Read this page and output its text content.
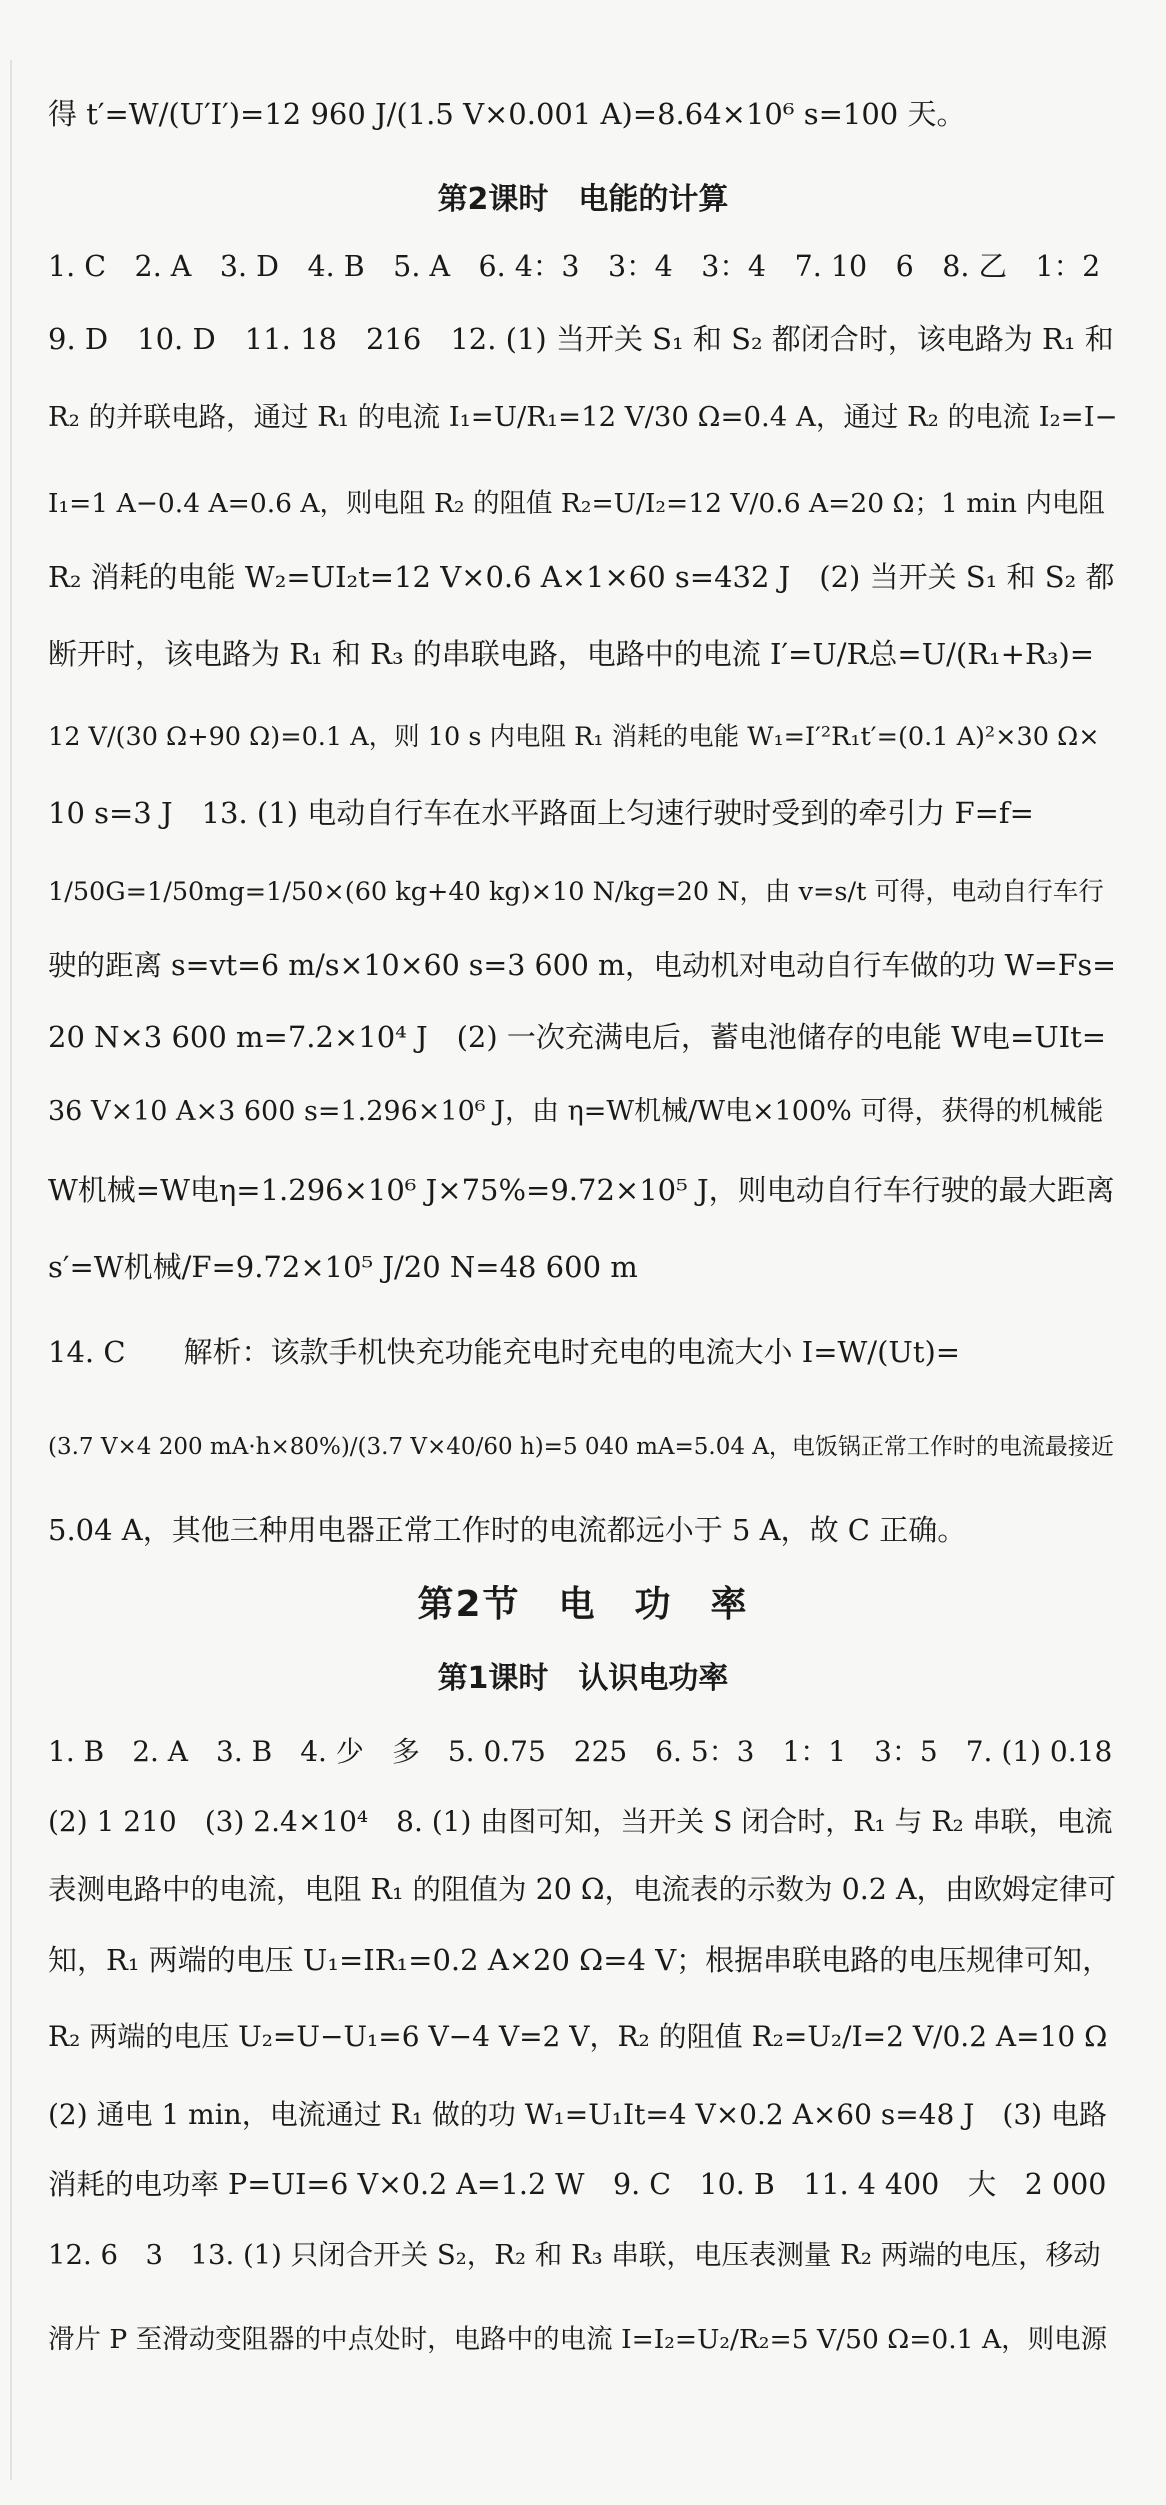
得 t′=W/(U′I′)=12 960 J/(1.5 V×0.001 A)=8.64×10⁶ s=100 天。
第2课时　电能的计算
1. C　2. A　3. D　4. B　5. A　6. 4：3　3：4　3：4　7. 10　6　8. 乙　1：2
9. D　10. D　11. 18　216　12. (1) 当开关 S₁ 和 S₂ 都闭合时，该电路为 R₁ 和
R₂ 的并联电路，通过 R₁ 的电流 I₁=U/R₁=12 V/30 Ω=0.4 A，通过 R₂ 的电流 I₂=I−
I₁=1 A−0.4 A=0.6 A，则电阻 R₂ 的阻值 R₂=U/I₂=12 V/0.6 A=20 Ω；1 min 内电阻
R₂ 消耗的电能 W₂=UI₂t=12 V×0.6 A×1×60 s=432 J　(2) 当开关 S₁ 和 S₂ 都
断开时，该电路为 R₁ 和 R₃ 的串联电路，电路中的电流 I′=U/R总=U/(R₁+R₃)=
12 V/(30 Ω+90 Ω)=0.1 A，则 10 s 内电阻 R₁ 消耗的电能 W₁=I′²R₁t′=(0.1 A)²×30 Ω×
10 s=3 J　13. (1) 电动自行车在水平路面上匀速行驶时受到的牵引力 F=f=
1/50G=1/50mg=1/50×(60 kg+40 kg)×10 N/kg=20 N，由 v=s/t 可得，电动自行车行
驶的距离 s=vt=6 m/s×10×60 s=3 600 m，电动机对电动自行车做的功 W=Fs=
20 N×3 600 m=7.2×10⁴ J　(2) 一次充满电后，蓄电池储存的电能 W电=UIt=
36 V×10 A×3 600 s=1.296×10⁶ J，由 η=W机械/W电×100% 可得，获得的机械能
W机械=W电η=1.296×10⁶ J×75%=9.72×10⁵ J，则电动自行车行驶的最大距离
s′=W机械/F=9.72×10⁵ J/20 N=48 600 m
14. C　　解析：该款手机快充功能充电时充电的电流大小 I=W/(Ut)=
(3.7 V×4 200 mA·h×80%)/(3.7 V×40/60 h)=5 040 mA=5.04 A，电饭锅正常工作时的电流最接近
5.04 A，其他三种用电器正常工作时的电流都远小于 5 A，故 C 正确。
第2节　电　功　率
第1课时　认识电功率
1. B　2. A　3. B　4. 少　多　5. 0.75　225　6. 5：3　1：1　3：5　7. (1) 0.18
(2) 1 210　(3) 2.4×10⁴　8. (1) 由图可知，当开关 S 闭合时，R₁ 与 R₂ 串联，电流
表测电路中的电流，电阻 R₁ 的阻值为 20 Ω，电流表的示数为 0.2 A，由欧姆定律可
知，R₁ 两端的电压 U₁=IR₁=0.2 A×20 Ω=4 V；根据串联电路的电压规律可知，
R₂ 两端的电压 U₂=U−U₁=6 V−4 V=2 V，R₂ 的阻值 R₂=U₂/I=2 V/0.2 A=10 Ω
(2) 通电 1 min，电流通过 R₁ 做的功 W₁=U₁It=4 V×0.2 A×60 s=48 J　(3) 电路
消耗的电功率 P=UI=6 V×0.2 A=1.2 W　9. C　10. B　11. 4 400　大　2 000
12. 6　3　13. (1) 只闭合开关 S₂，R₂ 和 R₃ 串联，电压表测量 R₂ 两端的电压，移动
滑片 P 至滑动变阻器的中点处时，电路中的电流 I=I₂=U₂/R₂=5 V/50 Ω=0.1 A，则电源
